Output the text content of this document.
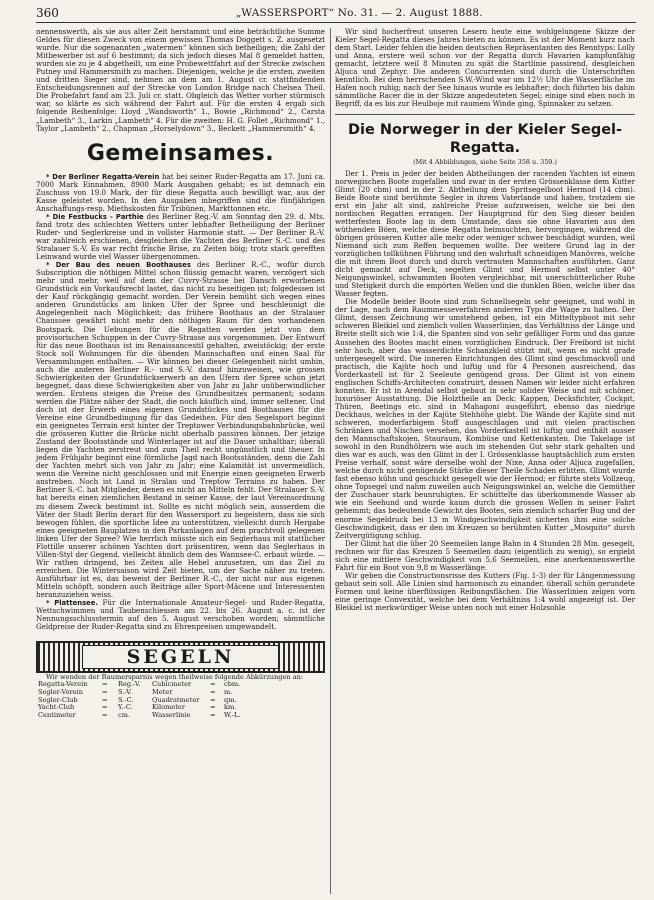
360	„WASSERSPORT“ No. 31. — 2. August 1888.

nennenswerth, als sie aus alter Zeit herstammt und eine beträchtliche Summe Geldes für diesen Zweck von einem gewissen Thomas Doggett s. Z. ausgesetzt wurde. Nur die sogenannten „watermen“ können sich betheiligen; die Zahl der Mitbewerber ist auf 6 bestimmt; da sich jedoch dieses Mal 8 gemeldet hatten, wurden sie zu je 4 abgetheilt, um eine Probewettfahrt auf der Strecke zwischen Putney und Hammersmith zu machen. Diejenigen, welche je die ersten, zweiten und dritten Sieger sind, nehmen an dem am 1. August cr. stattfindenden Entscheidungsrennen auf der Strecke von London Bridge nach Chelsea Theil. Die Probefahrt fand am 23. Juli cr. statt. Obgleich das Wetter vorher stürmisch war, so klärte es sich während der Fahrt auf. Für die ersten 4 ergab sich folgende Reihenfolge: Lloyd „Wandsworth“ 1., Bowie „Richmond“ 2., Carsta „Lambeth“ 3., Larkin „Lambeth“ 4. Für die zweiten: H. G. Follet „Richmond“ 1., Taylor „Lambeth“ 2., Chapman „Horselydown“ 3., Beckett „Hammersmith“ 4.

Gemeinsames.

* Der Berliner Regatta-Verein hat bei seiner Ruder-Regatta am 17. Juni ca. 7000 Mark Einnahmen, 8900 Mark Ausgaben gehabt; es ist demnach ein Zuschuss von 19.0 Mark, der für diese Regatta auch bewilligt war, aus der Kasse geleistet worden. In den Ausgaben inbegriffen sind die fünfjährigen Anschaffungs-resp. Miethskosten für Tribünen, Markttonnen etc.

* Die Festbucks - Parthie des Berliner Reg.-V. am Sonntag den 29. d. Mts. fand trotz des schlechten Wetters unter lebhafter Betheiligung der Berliner Ruder- und Seglerkreise und in vollster Harmonie statt. — Der Berliner R.-V. war zahlreich erschienen, desgleichen die Yachten des Berliner S.-C. und des Stralauer S.-V. Es war recht frische Brise, zu Zeiten böig; trotz stark gerefften Leinwand wurde viel Wasser übergenommen.

* Der Bau des neuen Boothauses des Berliner R.-C., wofür durch Subscription die nöthigen Mittel schon flüssig gemacht waren, verzögert sich mehr und mehr, weil auf dem der Cuvry-Strasse bei Dansch erworbenen Grundstück ein Vorkaufsrecht lastet, das nicht zu beseitigen ist; folgedessen ist der Kauf rückgängig gemacht worden. Der Verein bemüht sich wegen eines anderen Grundstücks am linken Ufer der Spree und beschleunigt die Angelegenheit nach Möglichkeit; das frühere Boothaus an der Stralauer Chaussee gewährt nicht mehr den nöthigen Raum für den vorhandenen Bootspark. Die Uebungen für die Regatten werden jetzt von dem provisorischen Schuppen in der Cuvry-Strasse aus vorgenommen. Der Entwurf für das neue Boothaus ist im Renaissancestil gehalten, zweistöckig; der erste Stock soll Wohnungen für die übenden Mannschaften und einen Saal für Versammlungen enthalten. — Wir können bei dieser Gelegenheit nicht umhin, auch die anderen Berliner R.- und S.-V. darauf hinzuweisen, wie grossen Schwierigkeiten der Grundstückserwerb an den Ufern der Spree schon jetzt begegnet, dass diese Schwierigkeiten aber von Jahr zu Jahr unüberwindlicher werden. Erstens steigen die Preise des Grundbesitzes permanent; sodann werden die Plätze näher der Stadt, die noch käuflich sind, immer seltener. Und doch ist der Erwerb eines eigenen Grundstückes und Boothauses für die Vereine eine Grundbedingung für das Gedeihen. Für den Segelsport beginnt ein geeignetes Terrain erst hinter der Treptower Verbindungsbahnbrücke, weil die grösseren Kutter die Brücke nicht oberhalb passiren können. Der jetzige Zustand der Bootsstände und Winterlager ist auf die Dauer unhaltbar; überall liegen die Yachten zerstreut und zum Theil recht ungünstlich und theuer. In jedem Frühjahr beginnt eine förmliche Jagd nach Bootsständen, denn die Zahl der Yachten mehrt sich von Jahr zu Jahr; eine Kalamität ist unvermeidlich, wenn die Vereine nicht geschlossen und mit Energie einen geeigneten Erwerb anstreben. Noch ist Land in Stralau und Treptow Terrains zu haben. Der Berliner S.-C. hat Mitglieder, denen es nicht an Mitteln fehlt. Der Stralauer S.-V. hat bereits einen ziemlichen Bestand in seiner Kasse, der laut Vereinsordnung zu diesem Zweck bestimmt ist. Sollte es nicht möglich sein, ausserdem die Väter der Stadt Berlin derart für den Wassersport zu begeistern, dass sie sich bewogen fühlen, die sportliche Idee zu unterstützen, vielleicht durch Hergabe eines geeigneten Bauplatzes in den Parkanlagen auf dem prachtvoll gelegenen linken Ufer der Spree? Wie herrlich müsste sich ein Seglerhaus mit stattlicher Flottille unserer schönen Yachten dort präsentiren, wenn das Seglerhaus in Villen-Styl der Gegend, vielleicht ähnlich dem des Wannsee-C. erbaut würde. — Wir rathen dringend, bei Zeiten alle Hebel anzusetzen, um das Ziel zu erreichen. Die Wintersaison wird Zeit bieten, um der Sache näher zu treten. Ausführbar ist es, das beweist der Berliner R.-C., der nicht nur aus eigenen Mitteln schöpft, sondern auch Beiträge aller Sport-Mäcene und Interessenten heranzuziehen weiss.

* Plattensee. Für die Internationale Amateur-Segel- und Ruder-Regatta, Wettschwimmen und Taubenschiessen am 22. bis 26. August a. c. ist der Nennungsschlusstermin auf den 5. August verschoben worden; sämmtliche Geldpreise der Ruder-Regatta sind zu Ehrenpreisen umgewandelt.

SEGELN

Wir wenden der Raumersparnis wegen theilweise folgende Abkürzungen an:

Regatta-Verein	=	Reg.-V.	Cubicmeter	=	cbm.
Segler-Verein	=	S.-V.	Meter	=	m.
Segler-Club	=	S.-C.	Quadratmeter	=	qm.
Yacht-Club	=	Y.-C.	Kilometer	=	km.
Centimeter	=	cm.	Wasserlinie	=	W.-L.

Wir sind hocherfreut unseren Lesern heute eine wohlgelungene Skizze der Kieler Segel-Regatta dieses Jahres bieten zu können. Es ist der Moment kurz nach dem Start. Leider fehlen die beiden deutschen Repräsentanten des Renntyps: Lolly und Anna, erstere weil schon vor der Regatta durch Havarien kampfunfähig gemacht, letztere weil 8 Minuten zu spät die Startlinie passirend, desgleichen Aljuca und Zephyr. Die anderen Concurrenten sind durch die Unterschriften kenntlich. Bei dem herrschenden S.W.-Wind war um 12½ Uhr die Wasserfläche im Hafen noch ruhig; nach der See hinaus wurde es lebhafter; doch führten bis dahin sämmtliche Racer die in der Skizze angedeuteten Segel; einige sind eben noch in Begriff, da es bis zur Heulboje mit raumem Winde ging, Spinnaker zu setzen.

Die Norweger in der Kieler Segel-Regatta.
(Mit 4 Abbildungen, siehe Seite 358 u. 359.)

Der 1. Preis in jeder der beiden Abtheilungen der racenden Yachten ist einem norwegischen Boote zugefallen und zwar in der ersten Grössenklasse dem Kutter Glimt (20 cbm) und in der 2. Abtheilung dem Spritsegelboot Hermod (14 cbm). Beide Boote sind berühmte Segler in ihrem Vaterlande und haben, trotzdem sie erst ein Jahr alt sind, zahlreiche Preise aufzuweisen, welche sie bei den nordischen Regatten errangen. Der Hauptgrund für den Sieg dieser beiden wetterfesten Boote lag in dem Umstande, dass sie ohne Havarien aus den wüthenden Böen, welche diese Regatta heimsuchten, hervorgingen, während die übrigen grösseren Kutter alle mehr oder weniger schwer beschädigt wurden, weil Niemand sich zum Reffen bequemen wollte. Der weitere Grund lag in der vorzüglichen tollkühnen Führung und den wahrhaft schneidigen Manövres, welche die mit ihrem Boot durch und durch vertrauten Mannschaften ausführten. Ganz dicht gemacht auf Deck, segelten Glimt und Hermod selbst unter 40° Neigungswinkel, schwammten Booten vergleichbar, mit unerschütterlicher Ruhe und Stetigkeit durch die empörten Wellen und die dunklen Böen, welche über das Wasser fegten.

Die Modelle beider Boote sind zum Schnellsegeln sehr geeignet, und wohl in der Lage, nach dem Raummesseverfahren anderen Typs die Wage zu halten. Der Glimt, dessen Zeichnung wir umstehend geben, ist ein Mitteltypboot mit sehr schweren Bleikiel und ziemlich vollen Wasserlinien, das Verhältniss der Länge und Breite stellt sich wie 1:4, die Spanten sind von sehr gefälliger Form und das ganze Aussehen des Bootes macht einen vorzüglichen Eindruck. Der Freibord ist nicht sehr hoch, aber das wasserdichte Schanzkleid stützt mit, wenn es nicht grade untergesegelt wird. Die inneren Einrichtungen des Glimt sind geschmackvoll und practisch, die Kajüte hoch und luftig und für 4 Personen ausreichend, das Vorderkastell ist für 2 Seeleute genügend gross. Der Glimt ist von einem englischen Schiffs-Architecten construirt, dessen Namen wir leider nicht erfahren konnten. Er ist in Arendal selbst gebaut in sehr solider Weise und mit schöner, luxuriöser Ausstattung. Die Holztheile an Deck: Kappen, Decksfichter, Cockpit, Thüren, Beetings etc. sind in Mahagoni ausgeführt, ebenso das niedrige Deckhaus, welches in der Kajüte Stehhöhe giebt. Die Wände der Kajüte sind mit schweren, moderfarbigem Stoff ausgeschlagen und mit vielen practischen Schränken und Nischen versehen, das Vorderkastell ist luftig und enthält ausser den Mannschaftskojen, Stauraum, Kombüse und Kettenkasten. Die Takelage ist sowohl in den Rundhölzern wie auch im stehenden Gut sehr stark gehalten und dies war es auch, was den Glimt in der I. Grössenklasse hauptsächlich zum ersten Preise verhalf, sonst wäre derselbe wohl der Nixe, Anna oder Aljuca zugefallen, welche durch nicht genügende Stärke dieser Theile Schaden erlitten. Glimt wurde fast ebenso kühn und geschickt gesegelt wie der Hermod; er führte stets Vollzeug, ohne Topsegel und nahm zuweilen auch Neigungswinkel an, welche die Gemüther der Zuschauer stark beunruhigten. Er schüttelte das überkommende Wasser ab wie ein Seehund und wurde kaum durch die grossen Wellen in seiner Fahrt gehemmt; das bedeutende Gewicht des Bootes, sein ziemlich scharfer Bug und der enorme Segeldruck bei 13 m Windgeschwindigkeit sicherten ihm eine solche Geschwindigkeit, dass er den im Kreuzen so berühmten Kutter „Mosquito“ durch Zeitvergütigung schlug.

Der Glimt hat die über 20 Seemeilen lange Bahn in 4 Stunden 28 Min. gesegelt, rechnen wir für das Kreuzen 5 Seemeilen dazu (eigentlich zu wenig), so ergiebt sich eine mittlere Geschwindigkeit von 5,6 Seemeilen, eine anerkennenswerthe Fahrt für ein Boot von 9,8 m Wasserlänge.

Wir geben die Constructionsrisse des Kutters (Fig. 1-3) der für Längenmessung gebaut sein soll. Alle Linien sind harmonisch zu einander, überall schön gerundete Formen und keine überflüssigen Reibungsflächen. Die Wasserlinien zeigen vorn eine geringe Convexität, welche bei dem Verhältniss 1:4 wohl angezeigt ist. Der Bleikiel ist merkwürdiger Weise unten noch mit einer Holzsohle
